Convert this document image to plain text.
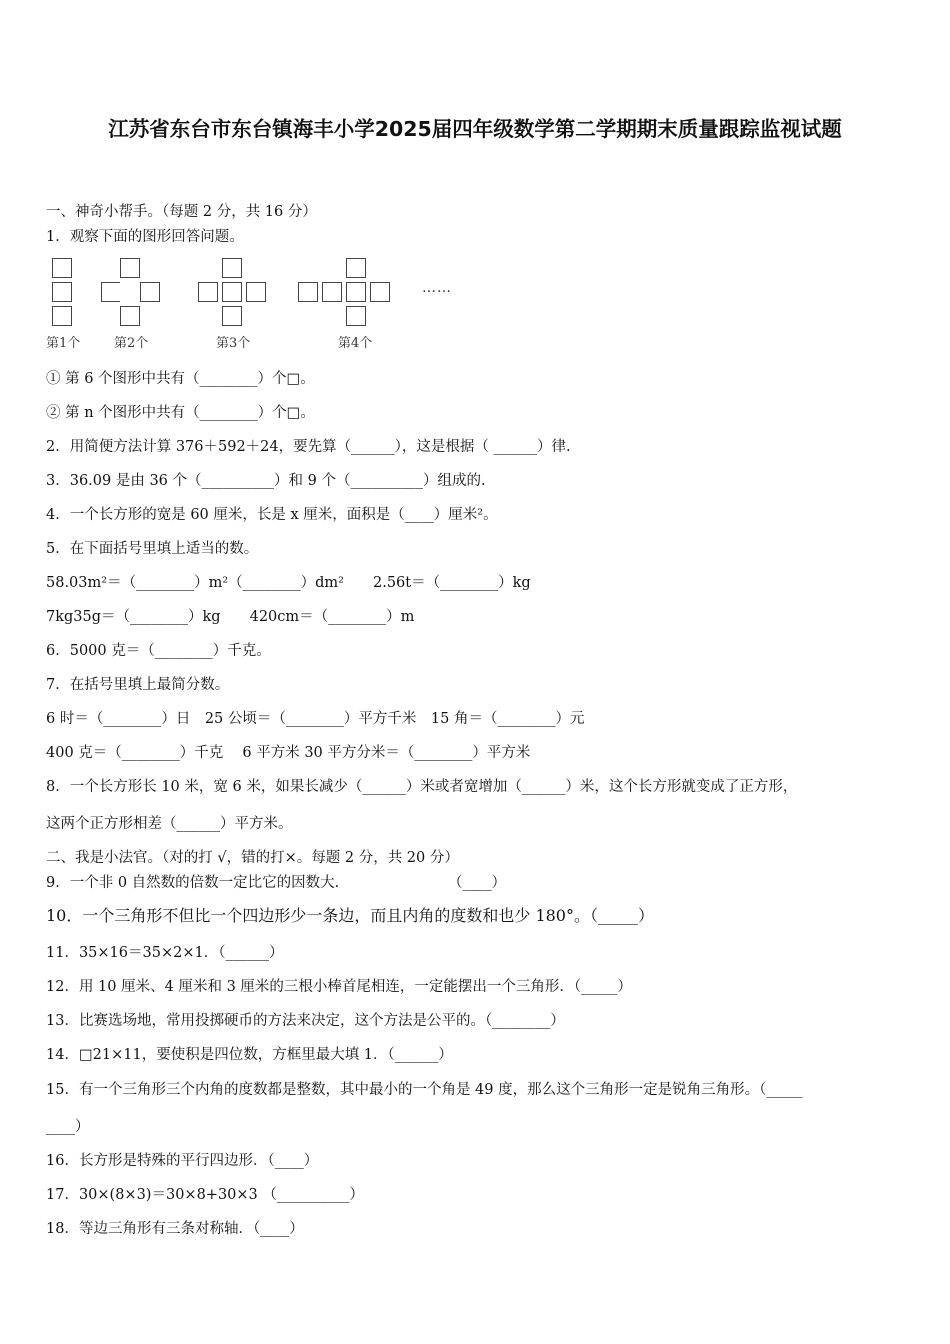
江苏省东台市东台镇海丰小学2025届四年级数学第二学期期末质量跟踪监视试题
……
第1个	第2个	第3个	第4个
一、神奇小帮手。（每题 2 分，共 16 分）
1．观察下面的图形回答问题。
① 第 6 个图形中共有（________）个□。
② 第 n 个图形中共有（________）个□。
2．用简便方法计算 376＋592＋24，要先算（______），这是根据（ ______）律.
3．36.09 是由 36 个（__________）和 9 个（__________）组成的.
4．一个长方形的宽是 60 厘米，长是 x 厘米，面积是（____）厘米²。
5．在下面括号里填上适当的数。
58.03m²＝（________）m²（________）dm²　　2.56t＝（________）kg
7kg35g＝（________）kg　　420cm＝（________）m
6．5000 克＝（________）千克。
7．在括号里填上最简分数。
6 时＝（________）日　25 公顷＝（________）平方千米　15 角＝（________）元
400 克＝（________）千克　 6 平方米 30 平方分米＝（________）平方米
8．一个长方形长 10 米，宽 6 米，如果长减少（______）米或者宽增加（______）米，这个长方形就变成了正方形，
这两个正方形相差（______）平方米。
二、我是小法官。（对的打 √，错的打×。每题 2 分，共 20 分）
9．一个非 0 自然数的倍数一定比它的因数大.　　　　　　　　（____）
10．一个三角形不但比一个四边形少一条边，而且内角的度数和也少 180°。（_____）
11．35×16＝35×2×1．（______）
12．用 10 厘米、4 厘米和 3 厘米的三根小棒首尾相连，一定能摆出一个三角形．（_____）
13．比赛选场地，常用投掷硬币的方法来决定，这个方法是公平的。（________）
14．□21×11，要使积是四位数，方框里最大填 1．（______）
15．有一个三角形三个内角的度数都是整数，其中最小的一个角是 49 度，那么这个三角形一定是锐角三角形。（_____
____）
16．长方形是特殊的平行四边形．（____）
17．30×(8×3)＝30×8+30×3 （__________）
18．等边三角形有三条对称轴．（____）
